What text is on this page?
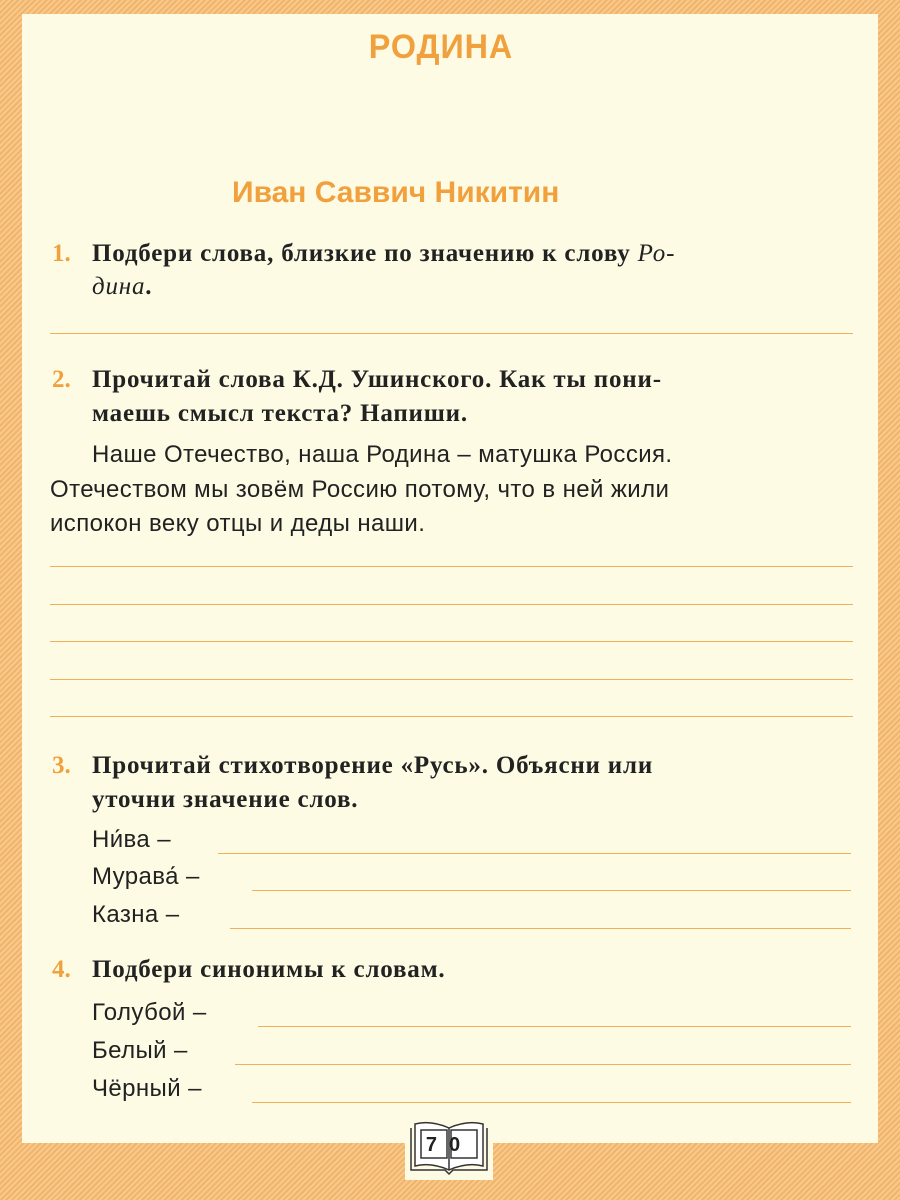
РОДИНА
Иван Саввич Никитин
1. Подбери слова, близкие по значению к слову Ро-
дина.
2. Прочитай слова К.Д. Ушинского. Как ты пони-
маешь смысл текста? Напиши.
Наше Отечество, наша Родина – матушка Россия.
Отечеством мы зовём Россию потому, что в ней жили
испокон веку отцы и деды наши.
3. Прочитай стихотворение «Русь». Объясни или
уточни значение слов.
Ни́ва –
Мурава́ –
Казна –
4. Подбери синонимы к словам.
Голубой –
Белый –
Чёрный –
70
